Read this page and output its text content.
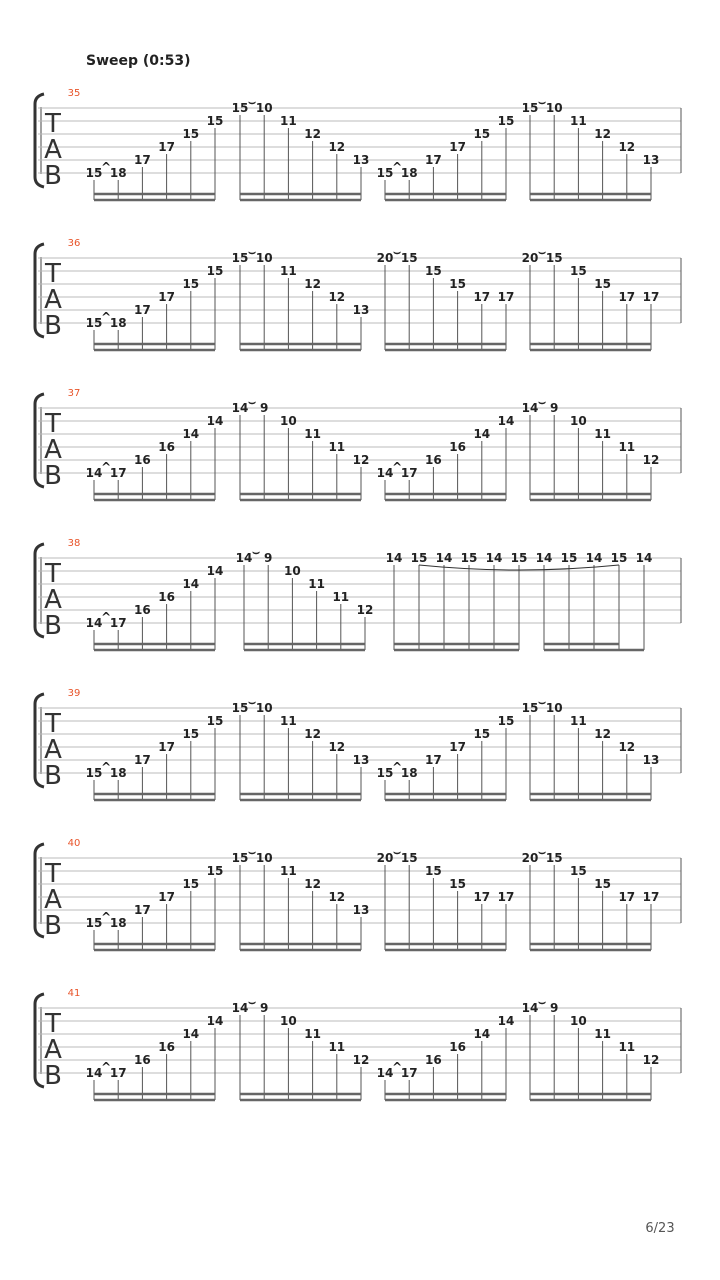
Sweep (0:53)
T
A
B
35
15 18
17
17
15
15
^
15 10
11
12
12
13
⌣
15 18
17
17
15
15
^
15 10
11
12
12
13
⌣
T
A
B
36
15 18
17
17
15
15
^
15 10
11
12
12
13
⌣	20 15
15
15
17 17
⌣	20 15
15
15
17 17
⌣
T
A
B
37
14 17
16
16
14
14
^
14 9
10
11
11
12
⌣
14 17
16
16
14
14
^
14 9
10
11
11
12
⌣
T
A
B
38
14 17
16
16
14
14
^
14 9
10
11
11
12
⌣	14 15 14 15 14 15 14 15 14 15 14
T
A
B
39
15 18
17
17
15
15
^
15 10
11
12
12
13
⌣
15 18
17
17
15
15
^
15 10
11
12
12
13
⌣
T
A
B
40
15 18
17
17
15
15
^
15 10
11
12
12
13
⌣	20 15
15
15
17 17
⌣	20 15
15
15
17 17
⌣
T
A
B
41
14 17
16
16
14
14
^
14 9
10
11
11
12
⌣
14 17
16
16
14
14
^
14 9
10
11
11
12
⌣
6/23
